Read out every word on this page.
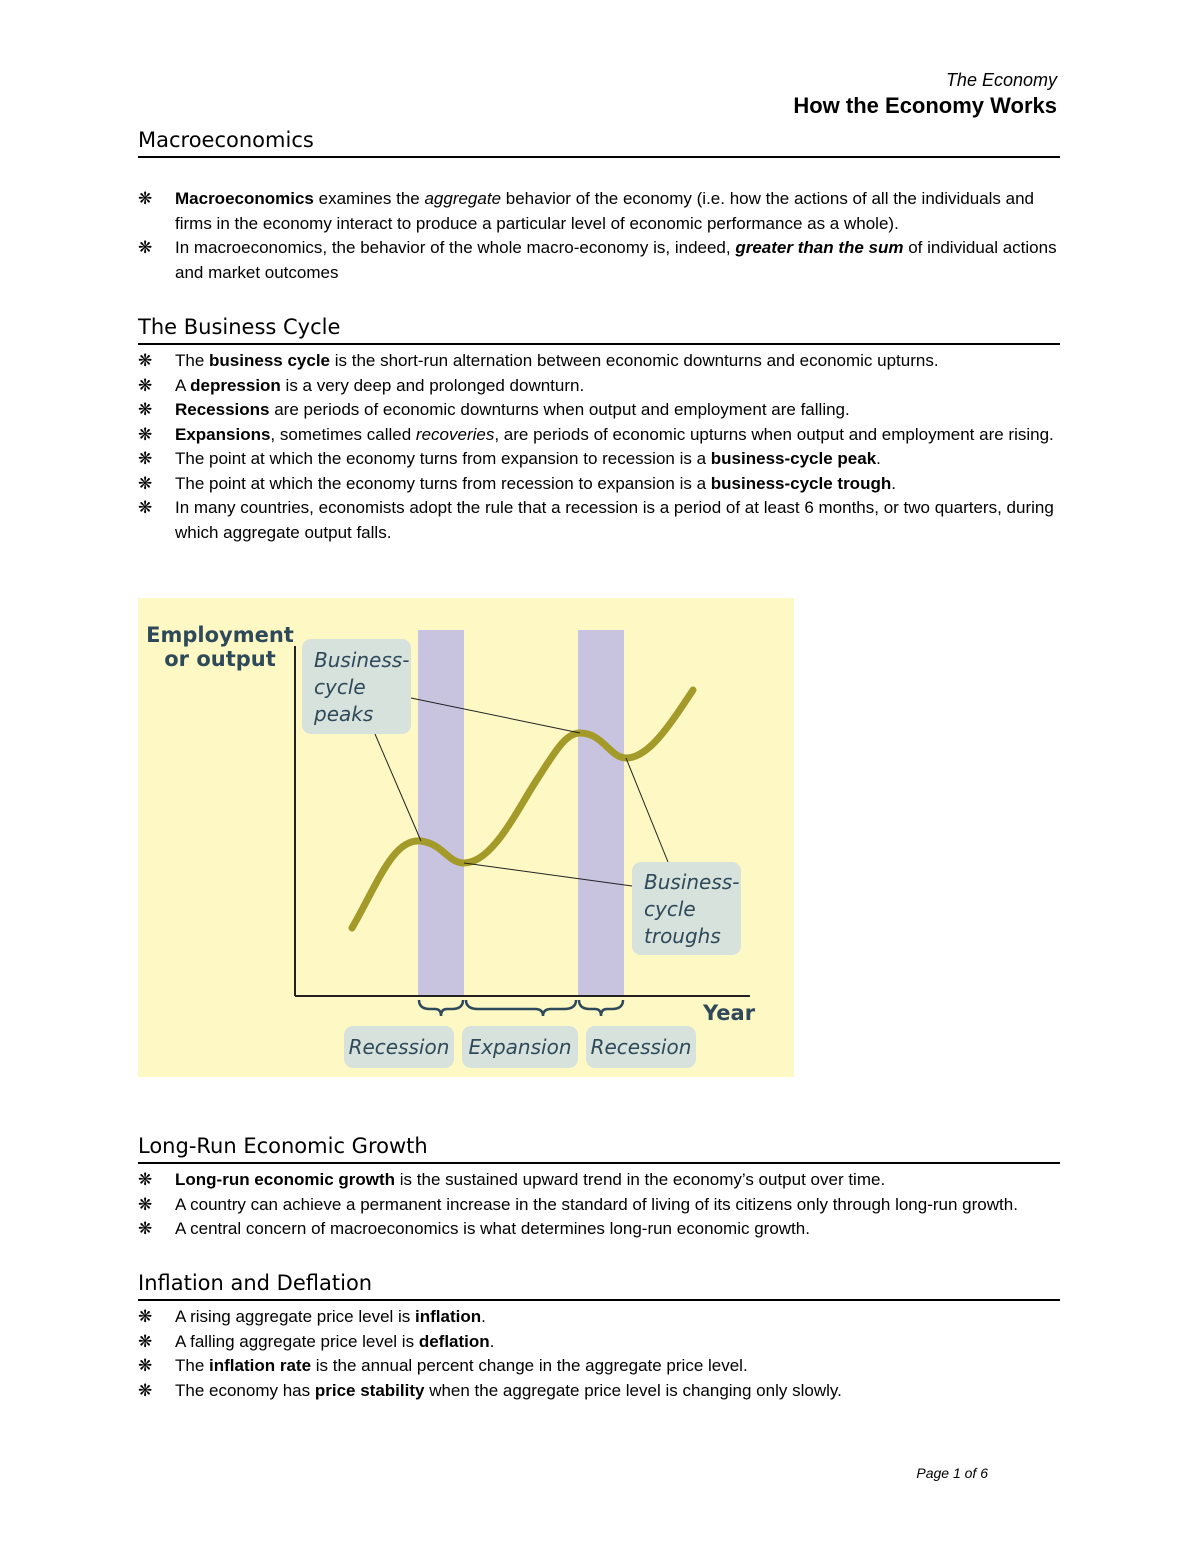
The Economy
How the Economy Works
Macroeconomics
❋ Macroeconomics examines the aggregate behavior of the economy (i.e. how the actions of all the individuals and firms in the economy interact to produce a particular level of economic performance as a whole).
❋ In macroeconomics, the behavior of the whole macro-economy is, indeed, greater than the sum of individual actions and market outcomes
The Business Cycle
❋ The business cycle is the short-run alternation between economic downturns and economic upturns.
❋ A depression is a very deep and prolonged downturn.
❋ Recessions are periods of economic downturns when output and employment are falling.
❋ Expansions, sometimes called recoveries, are periods of economic upturns when output and employment are rising.
❋ The point at which the economy turns from expansion to recession is a business-cycle peak.
❋ The point at which the economy turns from recession to expansion is a business-cycle trough.
❋ In many countries, economists adopt the rule that a recession is a period of at least 6 months, or two quarters, during which aggregate output falls.
Employment
or output
Year
Business-
cycle
peaks
Business-
cycle
troughs
Recession Expansion Recession
Long-Run Economic Growth
❋ Long-run economic growth is the sustained upward trend in the economy’s output over time.
❋ A country can achieve a permanent increase in the standard of living of its citizens only through long-run growth.
❋ A central concern of macroeconomics is what determines long-run economic growth.
Inflation and Deflation
❋ A rising aggregate price level is inflation.
❋ A falling aggregate price level is deflation.
❋ The inflation rate is the annual percent change in the aggregate price level.
❋ The economy has price stability when the aggregate price level is changing only slowly.
Page 1 of 6
